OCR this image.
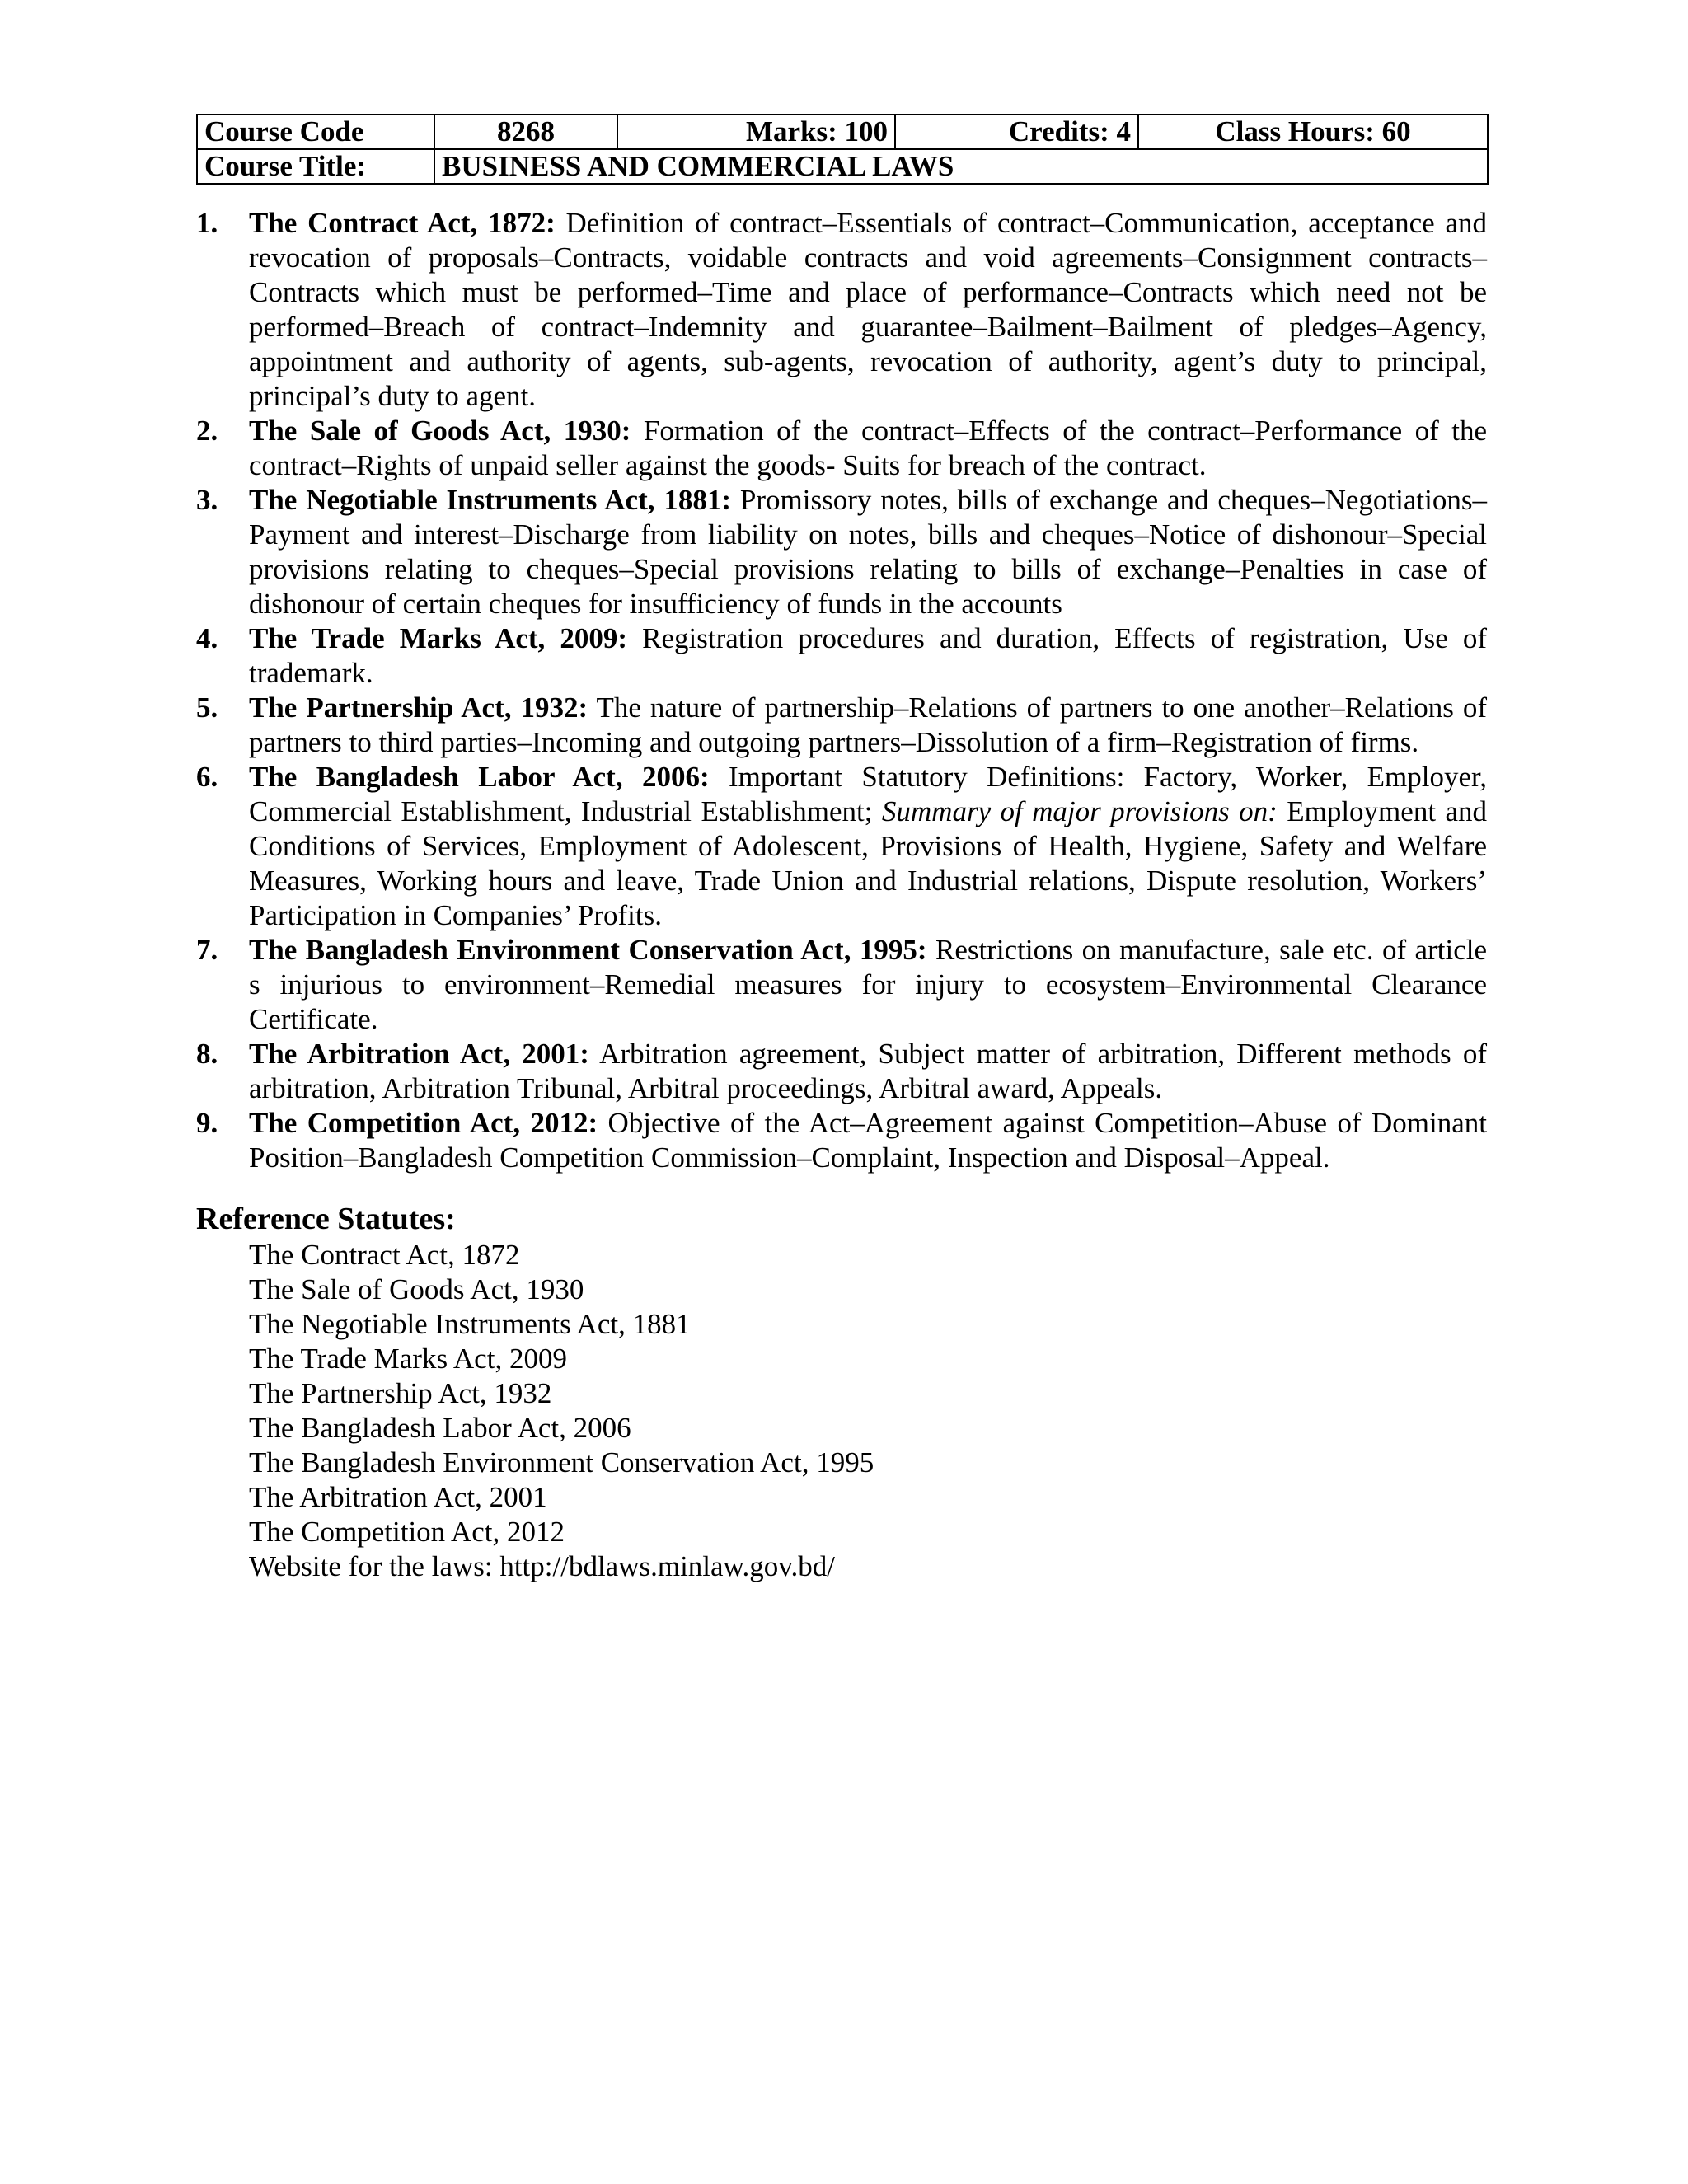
Course Code	8268	Marks: 100	Credits: 4	Class Hours: 60
Course Title:	BUSINESS AND COMMERCIAL LAWS			
1. The Contract Act, 1872: Definition of contract–Essentials of contract–Communication, acceptance and revocation of proposals–Contracts, voidable contracts and void agreements–Consignment contracts–Contracts which must be performed–Time and place of performance–Contracts which need not be performed–Breach of contract–Indemnity and guarantee–Bailment–Bailment of pledges–Agency, appointment and authority of agents, sub-agents, revocation of authority, agent’s duty to principal, principal’s duty to agent.
2. The Sale of Goods Act, 1930: Formation of the contract–Effects of the contract–Performance of the contract–Rights of unpaid seller against the goods- Suits for breach of the contract.
3. The Negotiable Instruments Act, 1881: Promissory notes, bills of exchange and cheques–Negotiations–Payment and interest–Discharge from liability on notes, bills and cheques–Notice of dishonour–Special provisions relating to cheques–Special provisions relating to bills of exchange–Penalties in case of dishonour of certain cheques for insufficiency of funds in the accounts
4. The Trade Marks Act, 2009: Registration procedures and duration, Effects of registration, Use of trademark.
5. The Partnership Act, 1932: The nature of partnership–Relations of partners to one another–Relations of partners to third parties–Incoming and outgoing partners–Dissolution of a firm–Registration of firms.
6. The Bangladesh Labor Act, 2006: Important Statutory Definitions: Factory, Worker, Employer, Commercial Establishment, Industrial Establishment; Summary of major provisions on: Employment and Conditions of Services, Employment of Adolescent, Provisions of Health, Hygiene, Safety and Welfare Measures, Working hours and leave, Trade Union and Industrial relations, Dispute resolution, Workers’ Participation in Companies’ Profits.
7. The Bangladesh Environment Conservation Act, 1995: Restrictions on manufacture, sale etc. of article s injurious to environment–Remedial measures for injury to ecosystem–Environmental Clearance Certificate.
8. The Arbitration Act, 2001: Arbitration agreement, Subject matter of arbitration, Different methods of arbitration, Arbitration Tribunal, Arbitral proceedings, Arbitral award, Appeals.
9. The Competition Act, 2012: Objective of the Act–Agreement against Competition–Abuse of Dominant Position–Bangladesh Competition Commission–Complaint, Inspection and Disposal–Appeal.
Reference Statutes:
The Contract Act, 1872
The Sale of Goods Act, 1930
The Negotiable Instruments Act, 1881
The Trade Marks Act, 2009
The Partnership Act, 1932
The Bangladesh Labor Act, 2006
The Bangladesh Environment Conservation Act, 1995
The Arbitration Act, 2001
The Competition Act, 2012
Website for the laws: http://bdlaws.minlaw.gov.bd/
